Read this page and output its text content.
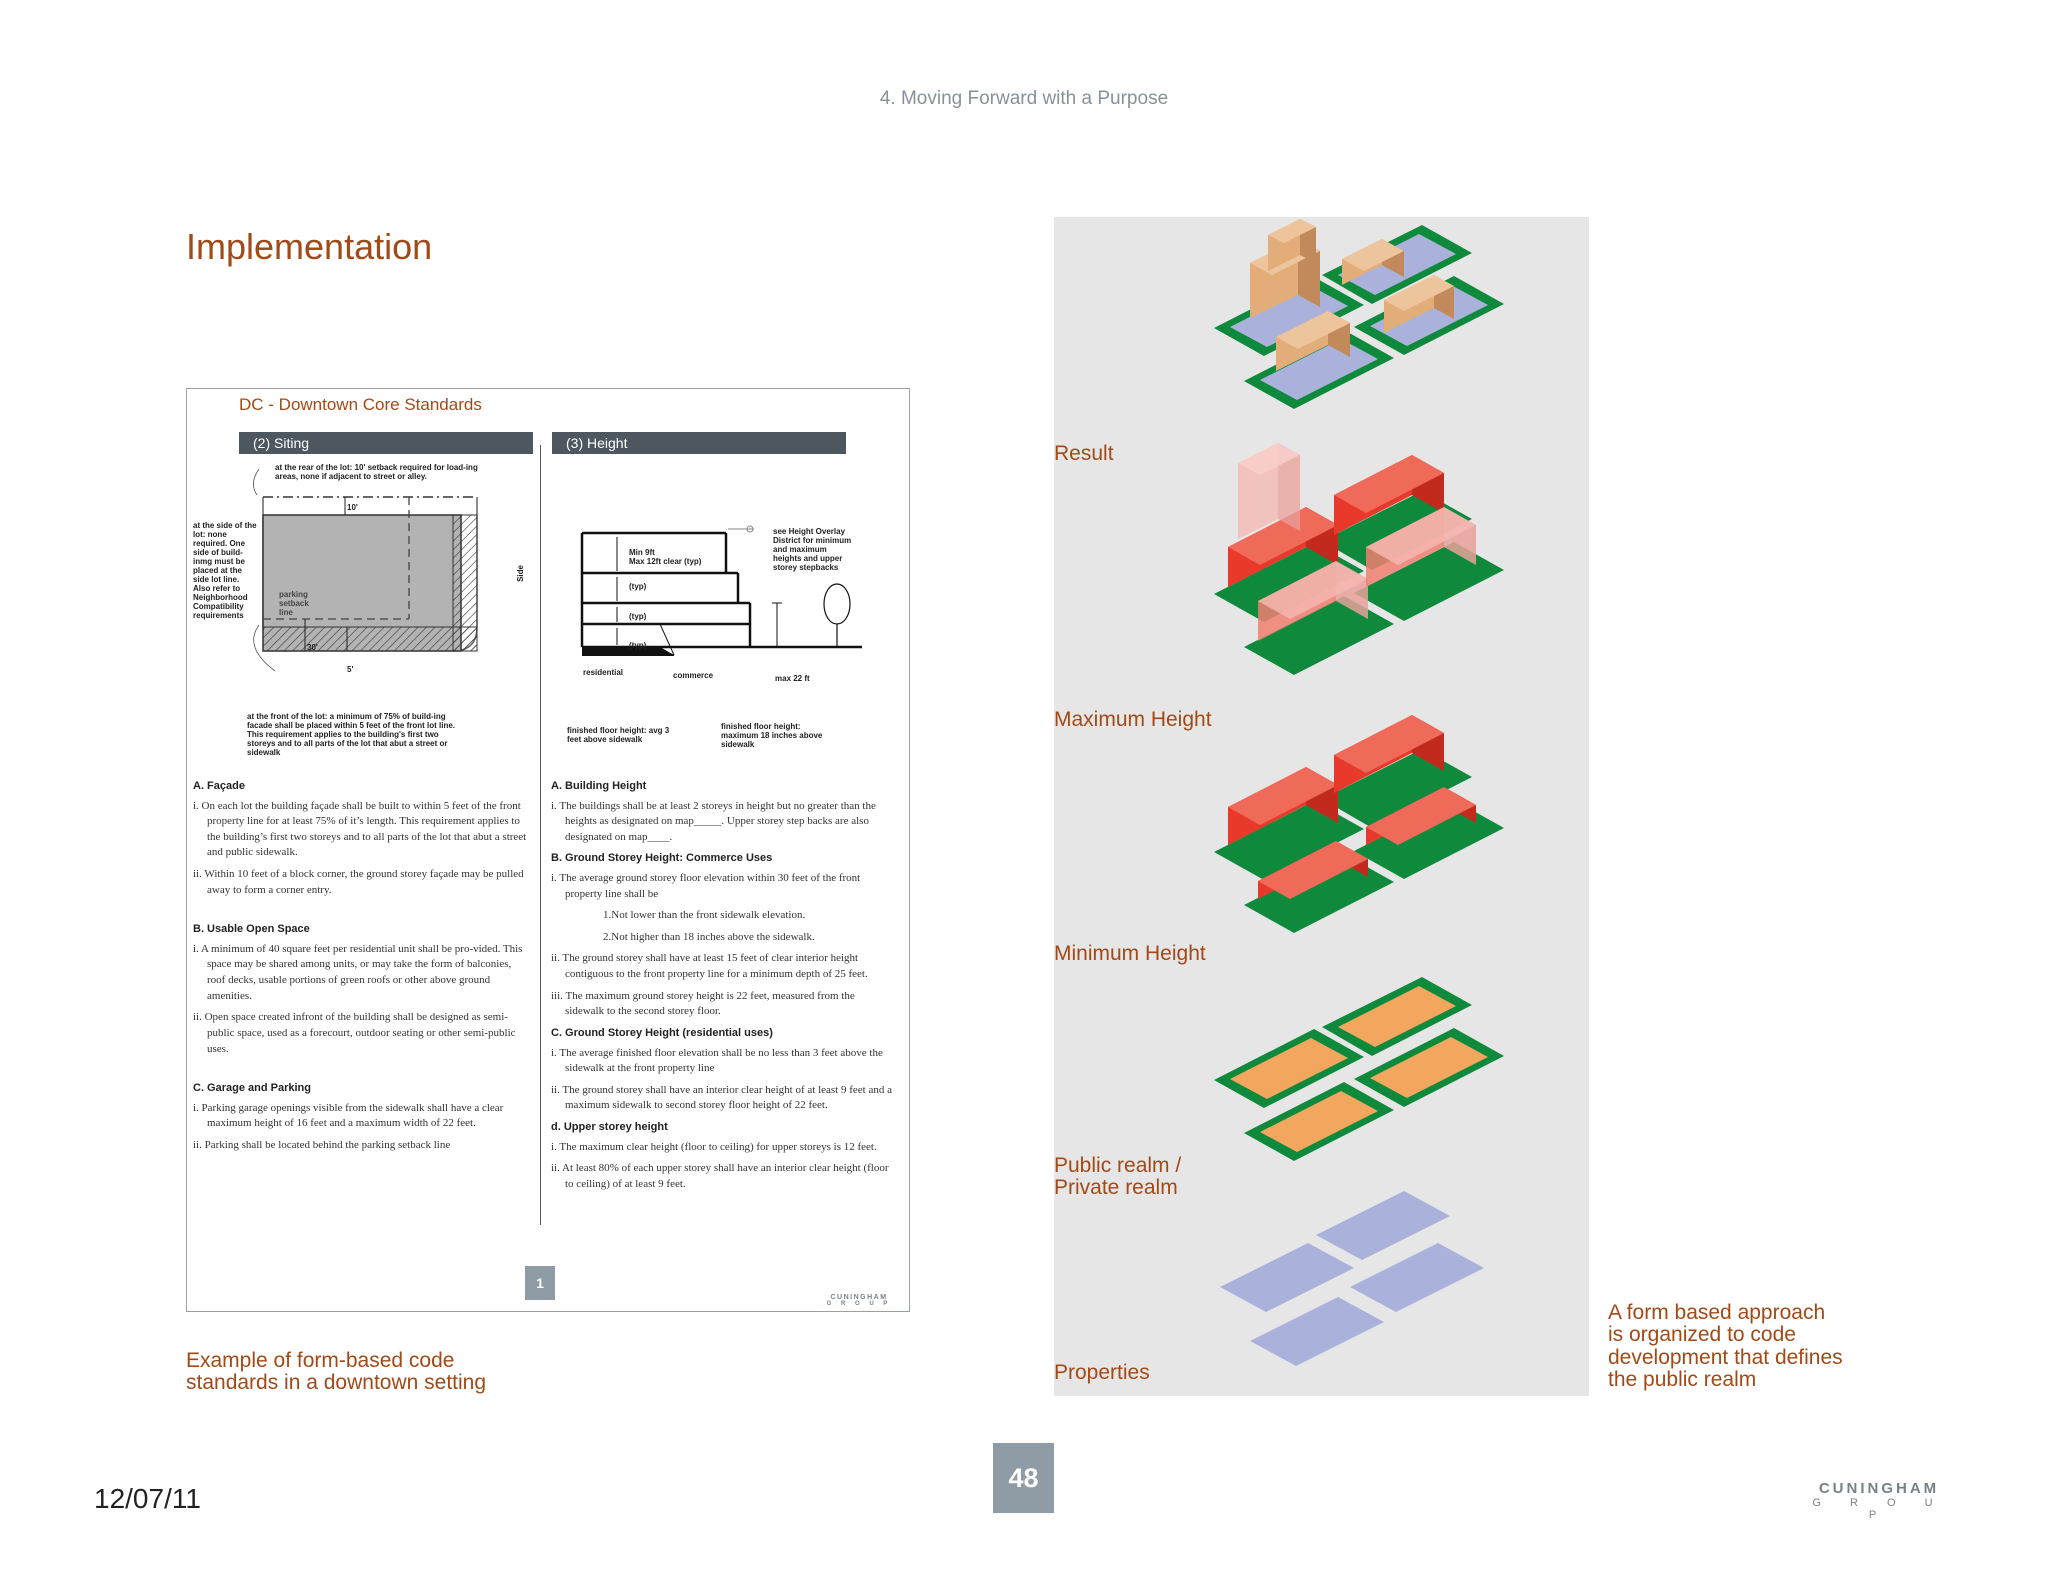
4. Moving Forward with a Purpose
Implementation
DC - Downtown Core Standards
(2) Siting	(3) Height
at the rear of the lot: 10' setback required for load-ing areas, none if adjacent to street or alley.
10'
at the side of the lot: none required. One side of build-inmg must be placed at the side lot line. Also refer to Neighborhood Compatibility requirements
parking setback line
30'
5'
Side
at the front of the lot: a minimum of 75% of build-ing facade shall be placed within 5 feet of the front lot line. This requirement applies to the building's first two storeys and to all parts of the lot that abut a street or sidewalk
Min 9ft
Max 12ft clear (typ)
(typ)
(typ)
(typ)
residential	commerce	max 22 ft
see Height Overlay District for minimum and maximum heights and upper storey stepbacks
finished floor height: avg 3 feet above sidewalk
finished floor height: maximum 18 inches above sidewalk
A. Façade

i. On each lot the building façade shall be built to within 5 feet of the front property line for at least 75% of it’s length. This requirement applies to the building’s first two storeys and to all parts of the lot that abut a street and public sidewalk.

ii. Within 10 feet of a block corner, the ground storey façade may be pulled away to form a corner entry.

B. Usable Open Space

i. A minimum of 40 square feet per residential unit shall be pro-vided. This space may be shared among units, or may take the form of balconies, roof decks, usable portions of green roofs or other above ground amenities.

ii. Open space created infront of the building shall be designed as semi-public space, used as a forecourt, outdoor seating or other semi-public uses.

C. Garage and Parking

i. Parking garage openings visible from the sidewalk shall have a clear maximum height of 16 feet and a maximum width of 22 feet.

ii. Parking shall be located behind the parking setback line

A. Building Height

i. The buildings shall be at least 2 storeys in height but no greater than the heights as designated on map_____. Upper storey step backs are also designated on map____.

B. Ground Storey Height: Commerce Uses

i. The average ground storey floor elevation within 30 feet of the front property line shall be

1.Not lower than the front sidewalk elevation.

2.Not higher than 18 inches above the sidewalk.

ii. The ground storey shall have at least 15 feet of clear interior height contiguous to the front property line for a minimum depth of 25 feet.

iii. The maximum ground storey height is 22 feet, measured from the sidewalk to the second storey floor.

C. Ground Storey Height (residential uses)

i. The average finished floor elevation shall be no less than 3 feet above the sidewalk at the front property line

ii. The ground storey shall have an interior clear height of at least 9 feet and a maximum sidewalk to second storey floor height of 22 feet.

d. Upper storey height

i. The maximum clear height (floor to ceiling) for upper storeys is 12 feet.

ii. At least 80% of each upper storey shall have an interior clear height (floor to ceiling) of at least 9 feet.

1
CUNINGHAM
G R O U P
Example of form-based code
standards in a downtown setting
Result
Maximum Height
Minimum Height
Public realm /
Private realm
Properties
A form based approach
is organized to code
development that defines
the public realm
12/07/11
48	CUNINGHAM
G R O U P
